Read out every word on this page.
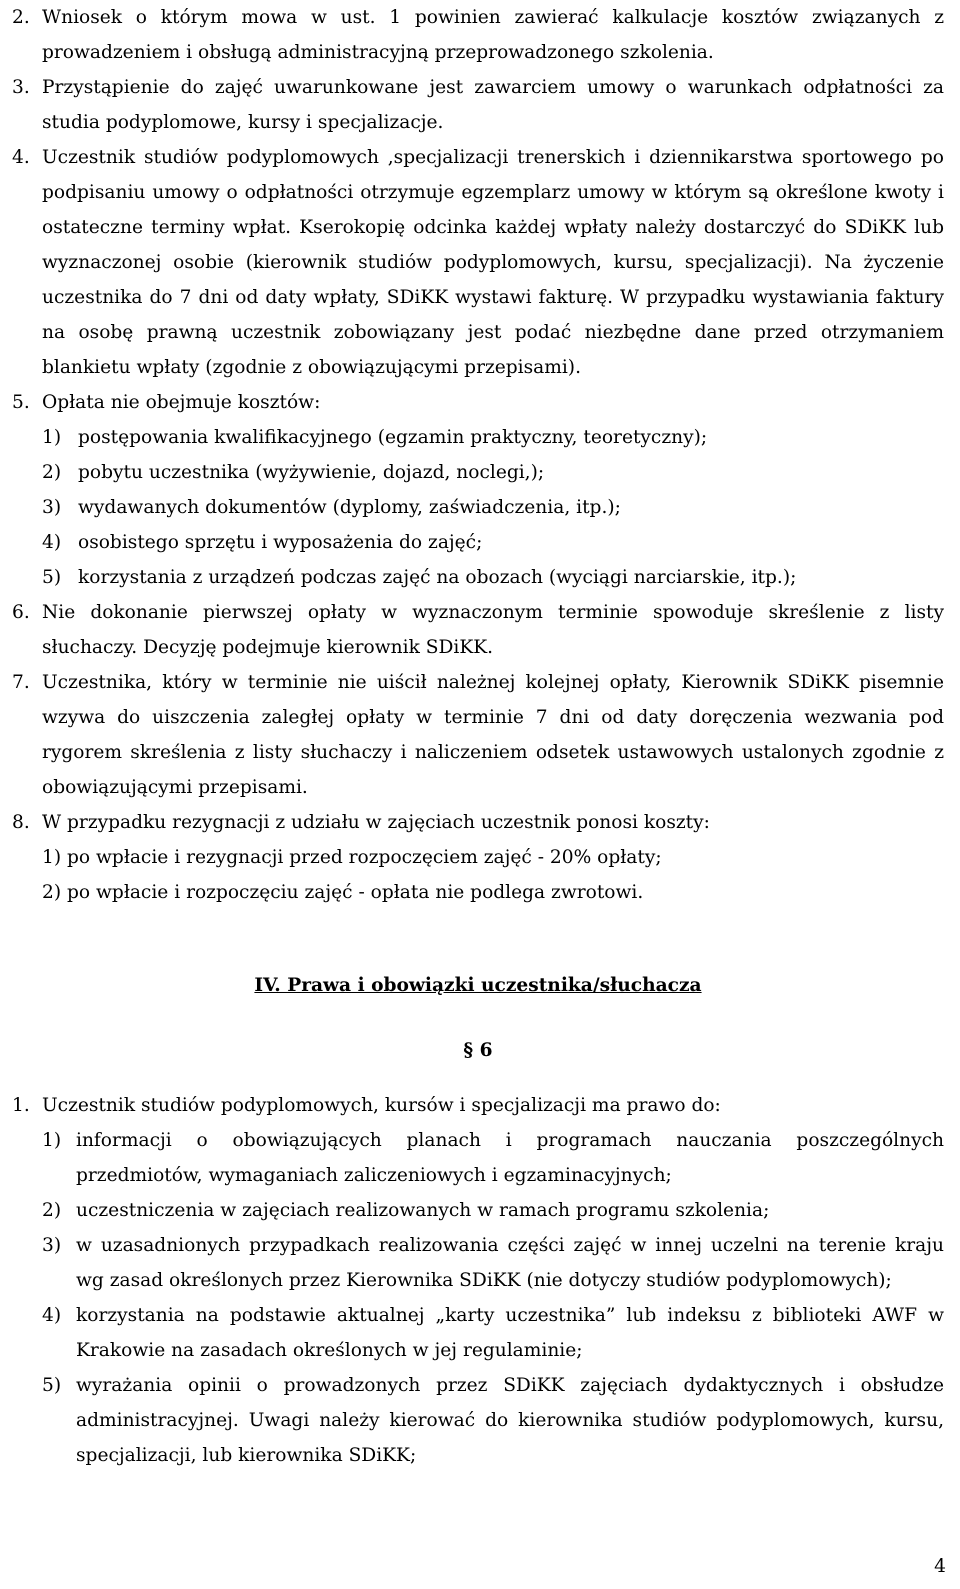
2. Wniosek o którym mowa w ust. 1 powinien zawierać kalkulacje kosztów związanych z prowadzeniem i obsługą administracyjną przeprowadzonego szkolenia.
3. Przystąpienie do zajęć uwarunkowane jest zawarciem umowy o warunkach odpłatności za studia podyplomowe, kursy i specjalizacje.
4. Uczestnik studiów podyplomowych ,specjalizacji trenerskich i dziennikarstwa sportowego po podpisaniu umowy o odpłatności otrzymuje egzemplarz umowy w którym są określone kwoty i ostateczne terminy wpłat. Kserokopię odcinka każdej wpłaty należy dostarczyć do SDiKK lub wyznaczonej osobie (kierownik studiów podyplomowych, kursu, specjalizacji). Na życzenie uczestnika do 7 dni od daty wpłaty, SDiKK wystawi fakturę. W przypadku wystawiania faktury na osobę prawną uczestnik zobowiązany jest podać niezbędne dane przed otrzymaniem blankietu wpłaty (zgodnie z obowiązującymi przepisami).
5. Opłata nie obejmuje kosztów:
1) postępowania kwalifikacyjnego (egzamin praktyczny, teoretyczny);
2) pobytu uczestnika (wyżywienie, dojazd, noclegi,);
3) wydawanych dokumentów (dyplomy, zaświadczenia, itp.);
4) osobistego sprzętu i wyposażenia do zajęć;
5) korzystania z urządzeń podczas zajęć na obozach (wyciągi narciarskie, itp.);
6. Nie dokonanie pierwszej opłaty w wyznaczonym terminie spowoduje skreślenie z listy słuchaczy. Decyzję podejmuje kierownik SDiKK.
7. Uczestnika, który w terminie nie uiścił należnej kolejnej opłaty, Kierownik SDiKK pisemnie wzywa do uiszczenia zaległej opłaty w terminie 7 dni od daty doręczenia wezwania pod rygorem skreślenia z listy słuchaczy i naliczeniem odsetek ustawowych ustalonych zgodnie z obowiązującymi przepisami.
8. W przypadku rezygnacji z udziału w zajęciach uczestnik ponosi koszty:
1) po wpłacie i rezygnacji przed rozpoczęciem zajęć - 20% opłaty;
2) po wpłacie i rozpoczęciu zajęć - opłata nie podlega zwrotowi.
IV. Prawa i obowiązki uczestnika/słuchacza
§ 6
1. Uczestnik studiów podyplomowych, kursów i specjalizacji ma prawo do:
1) informacji o obowiązujących planach i programach nauczania poszczególnych przedmiotów, wymaganiach zaliczeniowych i egzaminacyjnych;
2) uczestniczenia w zajęciach realizowanych w ramach programu szkolenia;
3) w uzasadnionych przypadkach realizowania części zajęć w innej uczelni na terenie kraju wg zasad określonych przez Kierownika SDiKK (nie dotyczy studiów podyplomowych);
4) korzystania na podstawie aktualnej „karty uczestnika” lub indeksu z biblioteki AWF w Krakowie na zasadach określonych w jej regulaminie;
5) wyrażania opinii o prowadzonych przez SDiKK zajęciach dydaktycznych i obsłudze administracyjnej. Uwagi należy kierować do kierownika studiów podyplomowych, kursu, specjalizacji, lub kierownika SDiKK;
4
